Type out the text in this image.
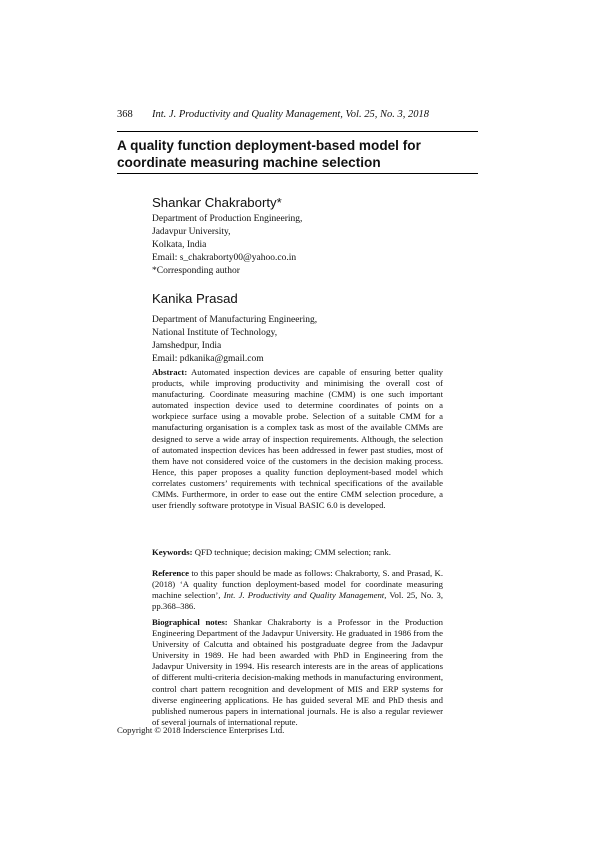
368 Int. J. Productivity and Quality Management, Vol. 25, No. 3, 2018
A quality function deployment-based model for coordinate measuring machine selection
Shankar Chakraborty*
Department of Production Engineering,
Jadavpur University,
Kolkata, India
Email: s_chakraborty00@yahoo.co.in
*Corresponding author
Kanika Prasad
Department of Manufacturing Engineering,
National Institute of Technology,
Jamshedpur, India
Email: pdkanika@gmail.com
Abstract: Automated inspection devices are capable of ensuring better quality products, while improving productivity and minimising the overall cost of manufacturing. Coordinate measuring machine (CMM) is one such important automated inspection device used to determine coordinates of points on a workpiece surface using a movable probe. Selection of a suitable CMM for a manufacturing organisation is a complex task as most of the available CMMs are designed to serve a wide array of inspection requirements. Although, the selection of automated inspection devices has been addressed in fewer past studies, most of them have not considered voice of the customers in the decision making process. Hence, this paper proposes a quality function deployment-based model which correlates customers’ requirements with technical specifications of the available CMMs. Furthermore, in order to ease out the entire CMM selection procedure, a user friendly software prototype in Visual BASIC 6.0 is developed.
Keywords: QFD technique; decision making; CMM selection; rank.
Reference to this paper should be made as follows: Chakraborty, S. and Prasad, K. (2018) ‘A quality function deployment-based model for coordinate measuring machine selection’, Int. J. Productivity and Quality Management, Vol. 25, No. 3, pp.368–386.
Biographical notes: Shankar Chakraborty is a Professor in the Production Engineering Department of the Jadavpur University. He graduated in 1986 from the University of Calcutta and obtained his postgraduate degree from the Jadavpur University in 1989. He had been awarded with PhD in Engineering from the Jadavpur University in 1994. His research interests are in the areas of applications of different multi-criteria decision-making methods in manufacturing environment, control chart pattern recognition and development of MIS and ERP systems for diverse engineering applications. He has guided several ME and PhD thesis and published numerous papers in international journals. He is also a regular reviewer of several journals of international repute.
Copyright © 2018 Inderscience Enterprises Ltd.
